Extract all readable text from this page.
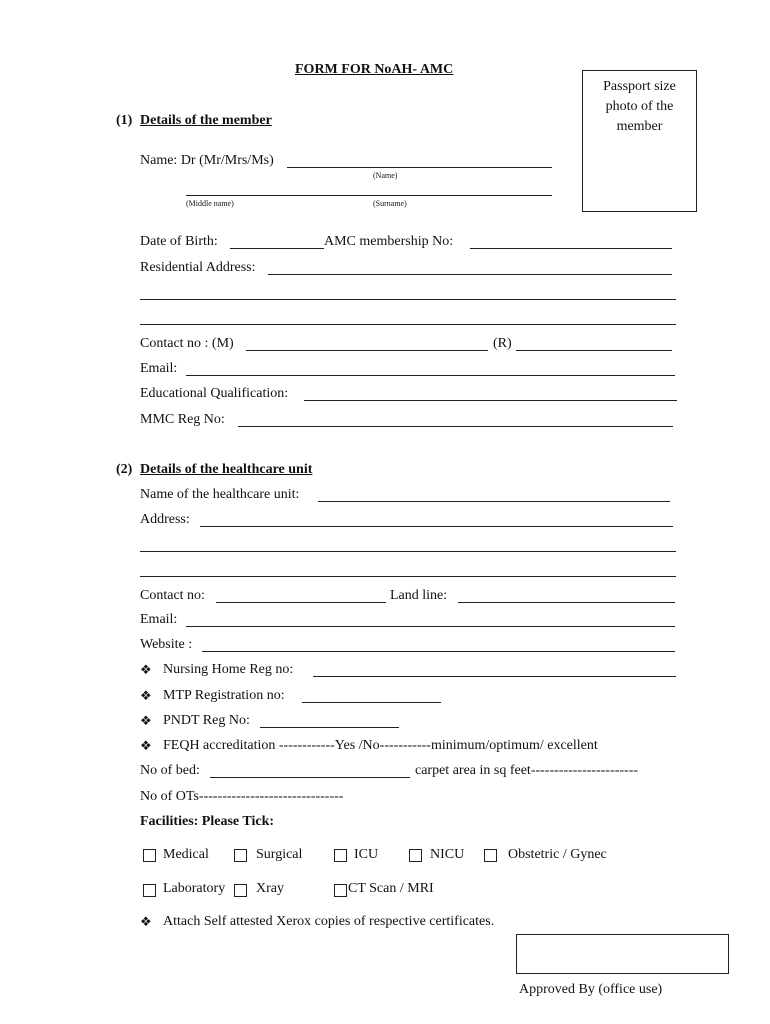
FORM FOR NoAH- AMC
Passport size
photo of the
member
(1) Details of the member
Name: Dr (Mr/Mrs/Ms)
(Name)
(Middle name)	(Surname)
Date of Birth:	AMC membership No:
Residential Address:
Contact no : (M)	(R)
Email:
Educational Qualification:
MMC Reg No:
(2) Details of the healthcare unit
Name of the healthcare unit:
Address:
Contact no:	Land line:
Email:
Website :
❖ Nursing Home Reg no:
❖ MTP Registration no:
❖ PNDT Reg No:
❖ FEQH accreditation ------------Yes /No-----------minimum/optimum/ excellent
No of bed:	carpet area in sq feet-----------------------
No of OTs-------------------------------
Facilities: Please Tick:
Medical	Surgical	ICU	NICU	Obstetric / Gynec
Laboratory Xray	CT Scan / MRI
❖ Attach Self attested Xerox copies of respective certificates.
Approved By (office use)
